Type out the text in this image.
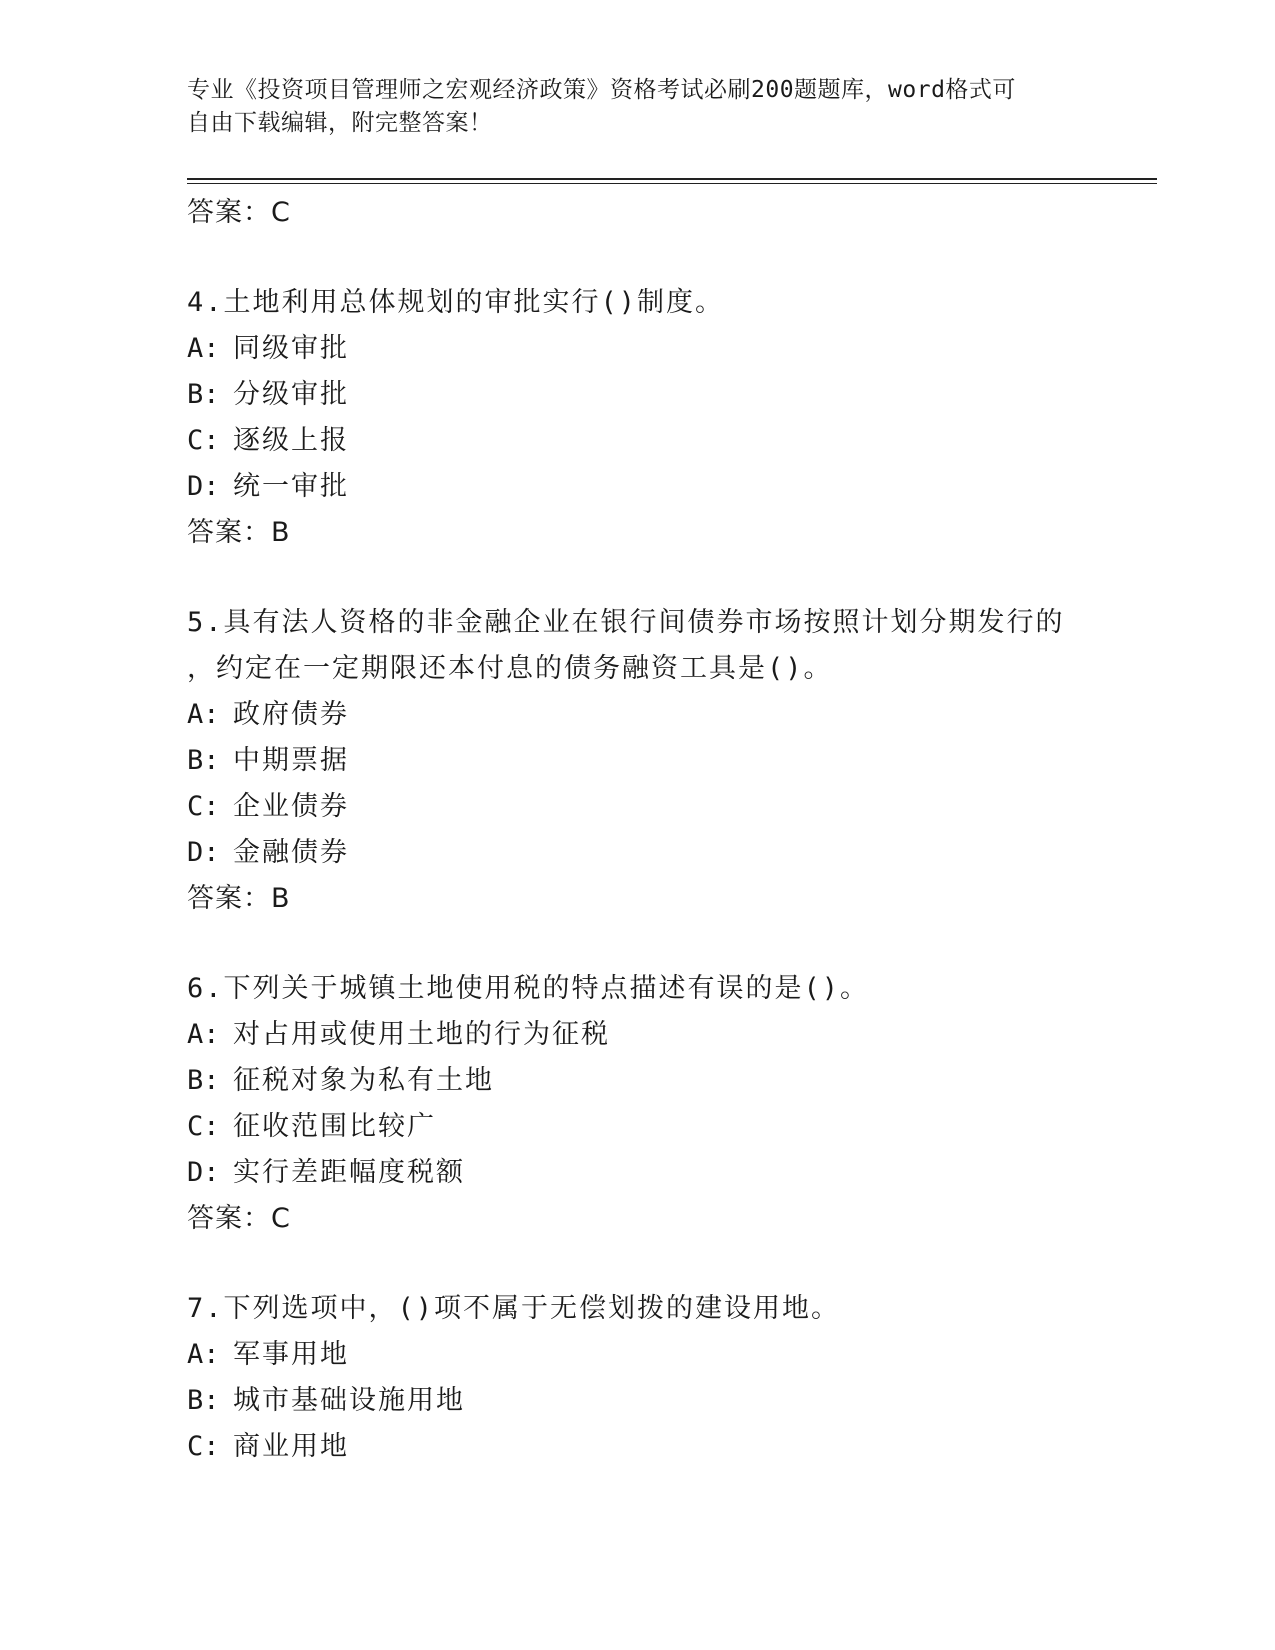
专业《投资项目管理师之宏观经济政策》资格考试必刷200题题库，word格式可
自由下载编辑，附完整答案！
答案：C
4.土地利用总体规划的审批实行()制度。
A: 同级审批
B: 分级审批
C: 逐级上报
D: 统一审批
答案：B
5.具有法人资格的非金融企业在银行间债券市场按照计划分期发行的
，约定在一定期限还本付息的债务融资工具是()。
A: 政府债券
B: 中期票据
C: 企业债券
D: 金融债券
答案：B
6.下列关于城镇土地使用税的特点描述有误的是()。
A: 对占用或使用土地的行为征税
B: 征税对象为私有土地
C: 征收范围比较广
D: 实行差距幅度税额
答案：C
7.下列选项中，()项不属于无偿划拨的建设用地。
A: 军事用地
B: 城市基础设施用地
C: 商业用地
